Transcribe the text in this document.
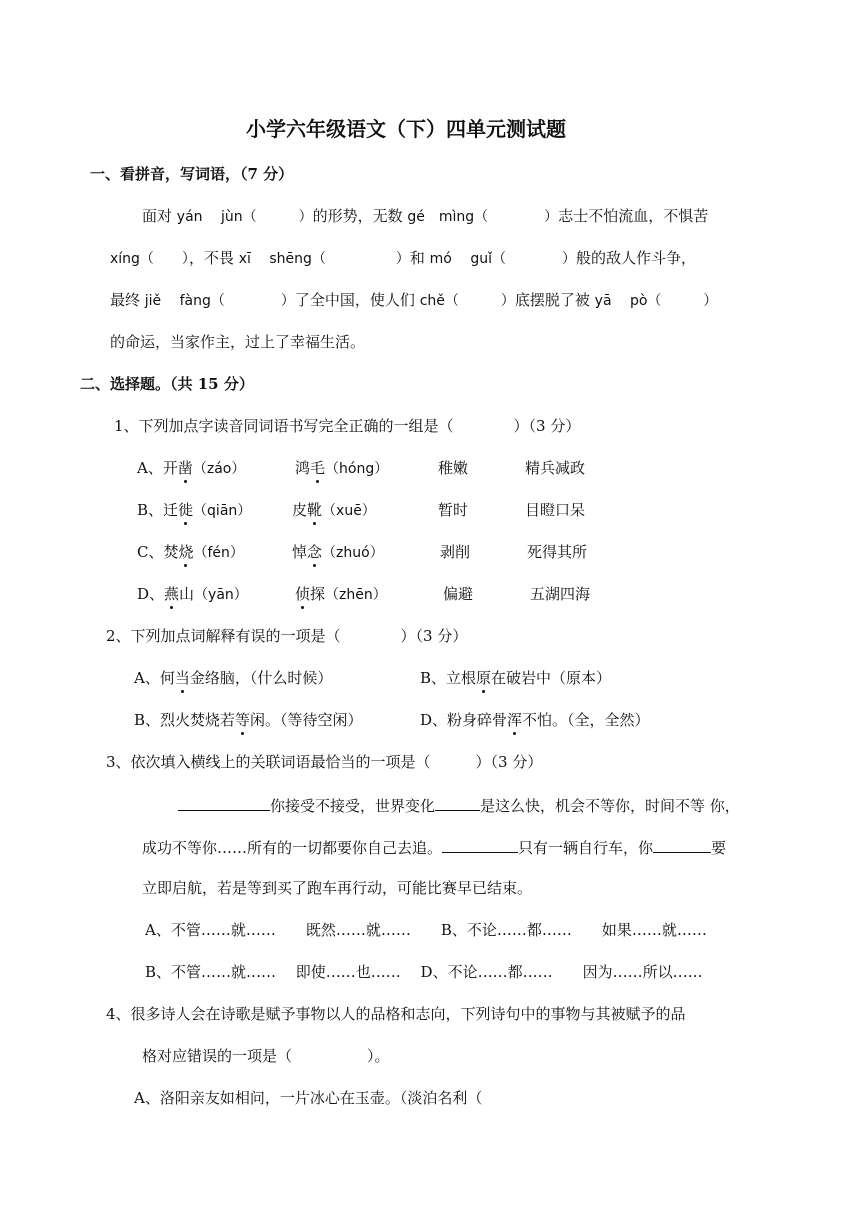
小学六年级语文（下）四单元测试题
一、看拼音，写词语，（7 分）
面对 yán　 jùn（　　　）的形势，无数 gé　mìng（　　　　）志士不怕流血，不惧苦
xíng（　　），不畏 xī　 shēng（　　　　　）和 mó　 guǐ（　　　　）般的敌人作斗争，
最终 jiě　 fàng（　　　　）了全中国，使人们 chě（　　　）底摆脱了被 yā　 pò（　　　）
的命运，当家作主，过上了幸福生活。
二、选择题。（共 15 分）
1、下列加点字读音同词语书写完全正确的一组是（　　　　）（3 分）
A、开凿（záo）	鸿毛（hóng）	稚嫩	精兵减政
B、迁徙（qiān）	皮靴（xuē）	暂时	目瞪口呆
C、焚烧（fén）	悼念（zhuó）	剥削	死得其所
D、燕山（yān）	侦探（zhēn）	偏避	五湖四海
2、下列加点词解释有误的一项是（　　　　）（3 分）
A、何当金络脑，（什么时候）	B、立根原在破岩中（原本）
B、烈火焚烧若等闲。（等待空闲）	D、粉身碎骨浑不怕。（全，全然）
3、依次填入横线上的关联词语最恰当的一项是（　　　）（3 分）
你接受不接受，世界变化	是这么快，机会不等你，时间不等 你，
成功不等你……所有的一切都要你自己去追。	只有一辆自行车，你	要
立即启航，若是等到买了跑车再行动，可能比赛早已结束。
A、不管……就……　　既然……就……　　B、不论……都……　　如果……就……
B、不管……就……　 即使……也……　 D、不论……都……　　因为……所以……
4、很多诗人会在诗歌是赋予事物以人的品格和志向，下列诗句中的事物与其被赋予的品
格对应错误的一项是（　　　　　）。
A、洛阳亲友如相问，一片冰心在玉壶。（淡泊名利（
